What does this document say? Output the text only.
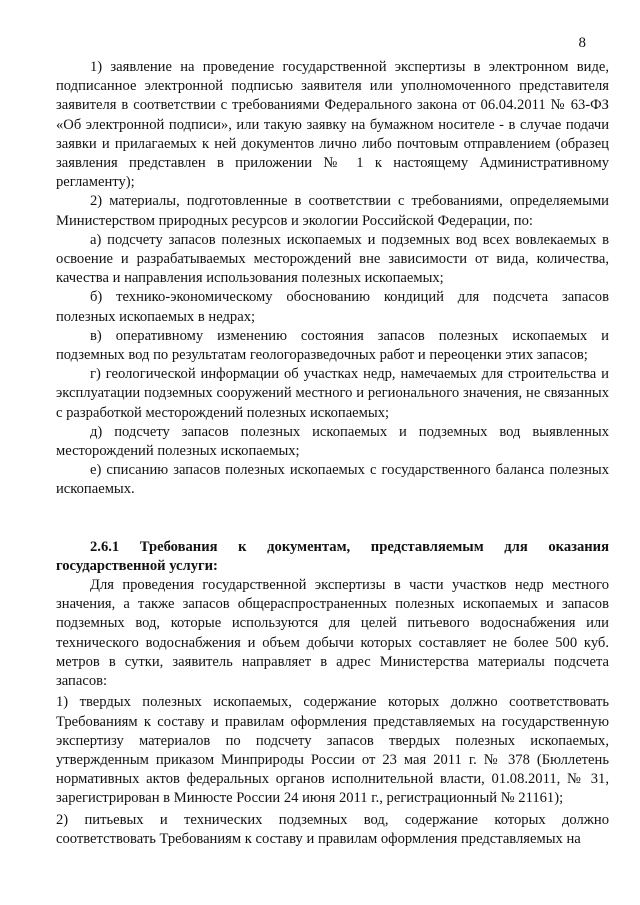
8

1) заявление на проведение государственной экспертизы в электронном виде, подписанное электронной подписью заявителя или уполномоченного представителя заявителя в соответствии с требованиями Федерального закона от 06.04.2011 № 63-ФЗ «Об электронной подписи», или такую заявку на бумажном носителе - в случае подачи заявки и прилагаемых к ней документов лично либо почтовым отправлением (образец заявления представлен в приложении № 1 к настоящему Административному регламенту);

2) материалы, подготовленные в соответствии с требованиями, определяемыми Министерством природных ресурсов и экологии Российской Федерации, по:

а) подсчету запасов полезных ископаемых и подземных вод всех вовлекаемых в освоение и разрабатываемых месторождений вне зависимости от вида, количества, качества и направления использования полезных ископаемых;

б) технико-экономическому обоснованию кондиций для подсчета запасов полезных ископаемых в недрах;

в) оперативному изменению состояния запасов полезных ископаемых и подземных вод по результатам геологоразведочных работ и переоценки этих запасов;

г) геологической информации об участках недр, намечаемых для строительства и эксплуатации подземных сооружений местного и регионального значения, не связанных с разработкой месторождений полезных ископаемых;

д) подсчету запасов полезных ископаемых и подземных вод выявленных месторождений полезных ископаемых;

е) списанию запасов полезных ископаемых с государственного баланса полезных ископаемых.

2.6.1 Требования к документам, представляемым для оказания государственной услуги:

Для проведения государственной экспертизы в части участков недр местного значения, а также запасов общераспространенных полезных ископаемых и запасов подземных вод, которые используются для целей питьевого водоснабжения или технического водоснабжения и объем добычи которых составляет не более 500 куб. метров в сутки, заявитель направляет в адрес Министерства материалы подсчета запасов:

1) твердых полезных ископаемых, содержание которых должно соответствовать Требованиям к составу и правилам оформления представляемых на государственную экспертизу материалов по подсчету запасов твердых полезных ископаемых, утвержденным приказом Минприроды России от 23 мая 2011 г. № 378 (Бюллетень нормативных актов федеральных органов исполнительной власти, 01.08.2011, № 31, зарегистрирован в Минюсте России 24 июня 2011 г., регистрационный № 21161);

2) питьевых и технических подземных вод, содержание которых должно соответствовать Требованиям к составу и правилам оформления представляемых на
